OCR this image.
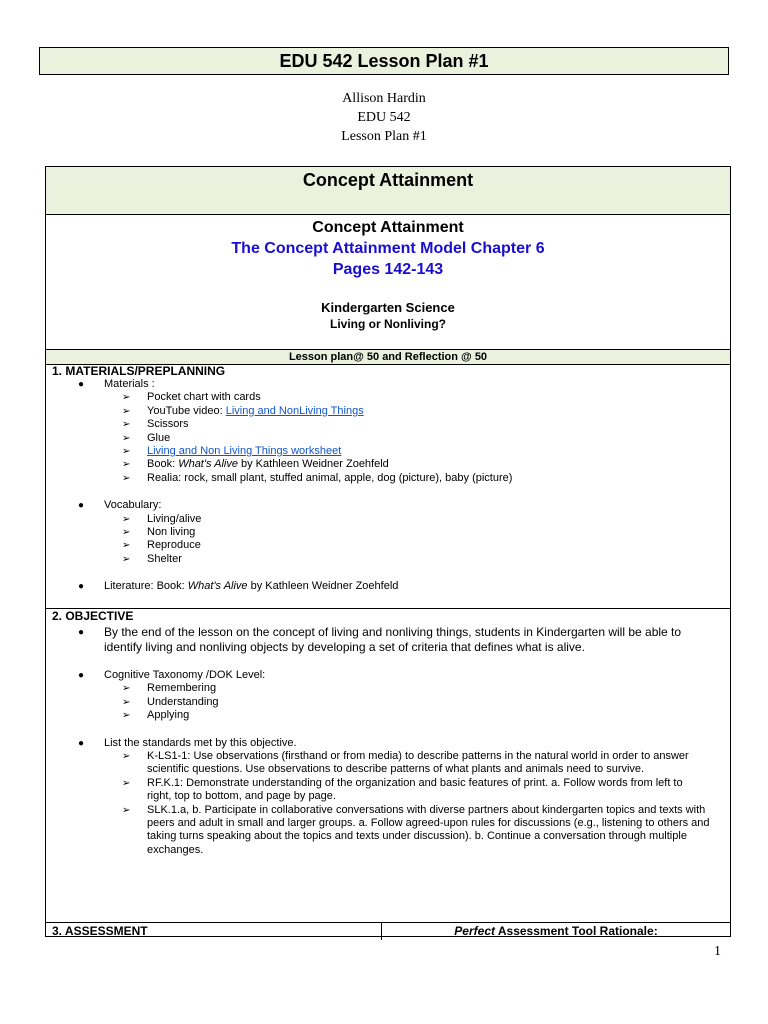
EDU 542 Lesson Plan #1
Allison Hardin
EDU 542
Lesson Plan #1
Concept Attainment
Concept Attainment
The Concept Attainment Model Chapter 6
Pages 142-143
Kindergarten Science
Living or Nonliving?
Lesson plan@ 50 and Reflection @ 50
1. MATERIALS/PREPLANNING
● Materials :
➢ Pocket chart with cards
➢ YouTube video: Living and NonLiving Things
➢ Scissors
➢ Glue
➢ Living and Non Living Things worksheet
➢ Book: What's Alive by Kathleen Weidner Zoehfeld
➢ Realia: rock, small plant, stuffed animal, apple, dog (picture), baby (picture)
● Vocabulary:
➢ Living/alive
➢ Non living
➢ Reproduce
➢ Shelter
● Literature: Book: What's Alive by Kathleen Weidner Zoehfeld
2. OBJECTIVE
● By the end of the lesson on the concept of living and nonliving things, students in Kindergarten will be able to
identify living and nonliving objects by developing a set of criteria that defines what is alive.
● Cognitive Taxonomy /DOK Level:
➢ Remembering
➢ Understanding
➢ Applying
● List the standards met by this objective.
➢ K-LS1-1: Use observations (firsthand or from media) to describe patterns in the natural world in order to answer
scientific questions. Use observations to describe patterns of what plants and animals need to survive.
➢ RF.K.1: Demonstrate understanding of the organization and basic features of print. a. Follow words from left to
right, top to bottom, and page by page.
➢ SLK.1.a, b. Participate in collaborative conversations with diverse partners about kindergarten topics and texts with
peers and adult in small and larger groups. a. Follow agreed-upon rules for discussions (e.g., listening to others and
taking turns speaking about the topics and texts under discussion). b. Continue a conversation through multiple
exchanges.
3. ASSESSMENT	Perfect Assessment Tool Rationale:
1
